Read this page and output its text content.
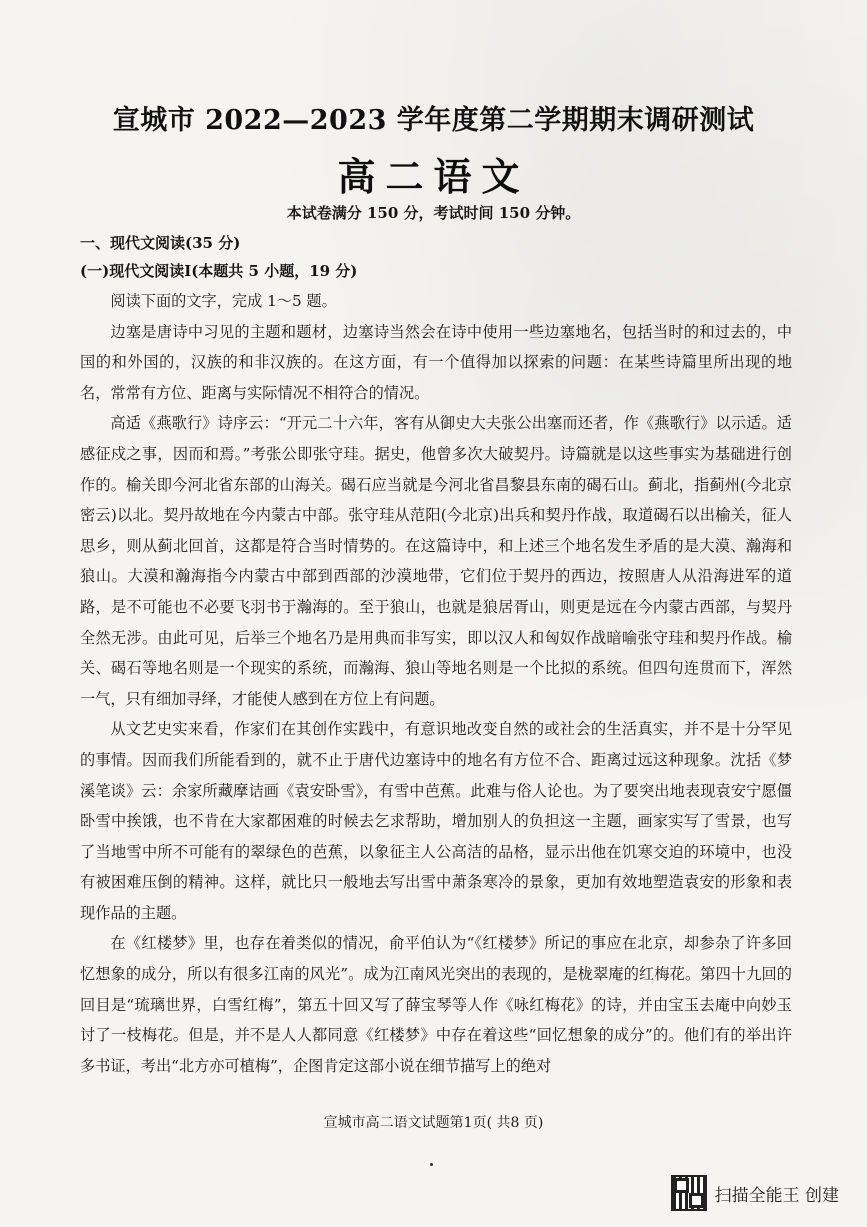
宣城市 2022—2023 学年度第二学期期末调研测试
高二语文
本试卷满分 150 分，考试时间 150 分钟。
一、现代文阅读(35 分)
(一)现代文阅读Ⅰ(本题共 5 小题，19 分)

阅读下面的文字，完成 1～5 题。

边塞是唐诗中习见的主题和题材，边塞诗当然会在诗中使用一些边塞地名，包括当时的和过去的，中国的和外国的，汉族的和非汉族的。在这方面，有一个值得加以探索的问题：在某些诗篇里所出现的地名，常常有方位、距离与实际情况不相符合的情况。

高适《燕歌行》诗序云：“开元二十六年，客有从御史大夫张公出塞而还者，作《燕歌行》以示适。适感征戍之事，因而和焉。”考张公即张守珪。据史，他曾多次大破契丹。诗篇就是以这些事实为基础进行创作的。榆关即今河北省东部的山海关。碣石应当就是今河北省昌黎县东南的碣石山。蓟北，指蓟州(今北京密云)以北。契丹故地在今内蒙古中部。张守珪从范阳(今北京)出兵和契丹作战，取道碣石以出榆关，征人思乡，则从蓟北回首，这都是符合当时情势的。在这篇诗中，和上述三个地名发生矛盾的是大漠、瀚海和狼山。大漠和瀚海指今内蒙古中部到西部的沙漠地带，它们位于契丹的西边，按照唐人从沿海进军的道路，是不可能也不必要飞羽书于瀚海的。至于狼山，也就是狼居胥山，则更是远在今内蒙古西部，与契丹全然无涉。由此可见，后举三个地名乃是用典而非写实，即以汉人和匈奴作战暗喻张守珪和契丹作战。榆关、碣石等地名则是一个现实的系统，而瀚海、狼山等地名则是一个比拟的系统。但四句连贯而下，浑然一气，只有细加寻绎，才能使人感到在方位上有问题。

从文艺史实来看，作家们在其创作实践中，有意识地改变自然的或社会的生活真实，并不是十分罕见的事情。因而我们所能看到的，就不止于唐代边塞诗中的地名有方位不合、距离过远这种现象。沈括《梦溪笔谈》云：余家所藏摩诘画《袁安卧雪》，有雪中芭蕉。此难与俗人论也。为了要突出地表现袁安宁愿僵卧雪中挨饿，也不肯在大家都困难的时候去乞求帮助，增加别人的负担这一主题，画家实写了雪景，也写了当地雪中所不可能有的翠绿色的芭蕉，以象征主人公高洁的品格，显示出他在饥寒交迫的环境中，也没有被困难压倒的精神。这样，就比只一般地去写出雪中萧条寒冷的景象，更加有效地塑造袁安的形象和表现作品的主题。

在《红楼梦》里，也存在着类似的情况，俞平伯认为“《红楼梦》所记的事应在北京，却参杂了许多回忆想象的成分，所以有很多江南的风光”。成为江南风光突出的表现的，是栊翠庵的红梅花。第四十九回的回目是“琉璃世界，白雪红梅”，第五十回又写了薛宝琴等人作《咏红梅花》的诗，并由宝玉去庵中向妙玉讨了一枝梅花。但是，并不是人人都同意《红楼梦》中存在着这些“回忆想象的成分”的。他们有的举出许多书证，考出“北方亦可植梅”，企图肯定这部小说在细节描写上的绝对

宣城市高二语文试题第1页( 共8 页)
扫描全能王 创建
